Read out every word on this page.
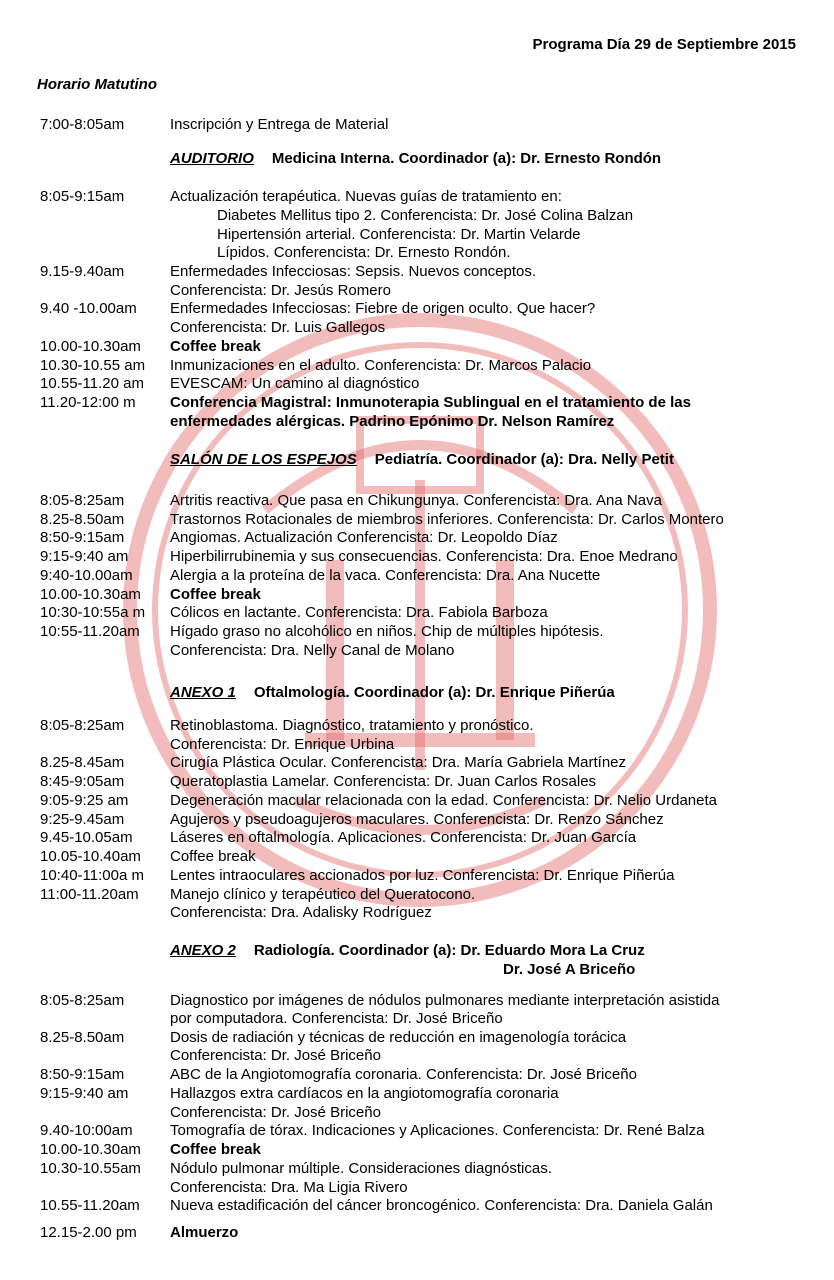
Programa Día 29 de Septiembre 2015
Horario Matutino
7:00-8:05am	Inscripción y Entrega de Material
AUDITORIO Medicina Interna. Coordinador (a): Dr. Ernesto Rondón
8:05-9:15am	Actualización terapéutica. Nuevas guías de tratamiento en:
Diabetes Mellitus tipo 2. Conferencista: Dr. José Colina Balzan
Hipertensión arterial. Conferencista: Dr. Martin Velarde
Lípidos. Conferencista: Dr. Ernesto Rondón.
9.15-9.40am	Enfermedades Infecciosas: Sepsis. Nuevos conceptos.
Conferencista: Dr. Jesús Romero
9.40 -10.00am Enfermedades Infecciosas: Fiebre de origen oculto. Que hacer?
Conferencista: Dr. Luis Gallegos
10.00-10.30am Coffee break
10.30-10.55 am Inmunizaciones en el adulto. Conferencista: Dr. Marcos Palacio
10.55-11.20 am EVESCAM: Un camino al diagnóstico
11.20-12:00 m Conferencia Magistral: Inmunoterapia Sublingual en el tratamiento de las
enfermedades alérgicas. Padrino Epónimo Dr. Nelson Ramírez
SALÓN DE LOS ESPEJOS Pediatría. Coordinador (a): Dra. Nelly Petit
8:05-8:25am	Artritis reactiva. Que pasa en Chikungunya. Conferencista: Dra. Ana Nava
8.25-8.50am	Trastornos Rotacionales de miembros inferiores. Conferencista: Dr. Carlos Montero
8:50-9:15am	Angiomas. Actualización Conferencista: Dr. Leopoldo Díaz
9:15-9:40 am	Hiperbilirrubinemia y sus consecuencias. Conferencista: Dra. Enoe Medrano
9:40-10.00am Alergia a la proteína de la vaca. Conferencista: Dra. Ana Nucette
10.00-10.30am Coffee break
10:30-10:55a m Cólicos en lactante. Conferencista: Dra. Fabiola Barboza
10:55-11.20am Hígado graso no alcohólico en niños. Chip de múltiples hipótesis.
Conferencista: Dra. Nelly Canal de Molano
ANEXO 1 Oftalmología. Coordinador (a): Dr. Enrique Piñerúa
8:05-8:25am	Retinoblastoma. Diagnóstico, tratamiento y pronóstico.
Conferencista: Dr. Enrique Urbina
8.25-8.45am	Cirugía Plástica Ocular. Conferencista: Dra. María Gabriela Martínez
8:45-9:05am	Queratoplastia Lamelar. Conferencista: Dr. Juan Carlos Rosales
9:05-9:25 am	Degeneración macular relacionada con la edad. Conferencista: Dr. Nelio Urdaneta
9:25-9.45am	Agujeros y pseudoagujeros maculares. Conferencista: Dr. Renzo Sánchez
9.45-10.05am Láseres en oftalmología. Aplicaciones. Conferencista: Dr. Juan García
10.05-10.40am Coffee break
10:40-11:00a m Lentes intraoculares accionados por luz. Conferencista: Dr. Enrique Piñerúa
11:00-11.20am Manejo clínico y terapéutico del Queratocono.
Conferencista: Dra. Adalisky Rodríguez
ANEXO 2 Radiología. Coordinador (a): Dr. Eduardo Mora La Cruz
Dr. José A Briceño
8:05-8:25am	Diagnostico por imágenes de nódulos pulmonares mediante interpretación asistida
por computadora. Conferencista: Dr. José Briceño
8.25-8.50am	Dosis de radiación y técnicas de reducción en imagenología torácica
Conferencista: Dr. José Briceño
8:50-9:15am	ABC de la Angiotomografía coronaria. Conferencista: Dr. José Briceño
9:15-9:40 am	Hallazgos extra cardíacos en la angiotomografía coronaria
Conferencista: Dr. José Briceño
9.40-10:00am Tomografía de tórax. Indicaciones y Aplicaciones. Conferencista: Dr. René Balza
10.00-10.30am Coffee break
10.30-10.55am Nódulo pulmonar múltiple. Consideraciones diagnósticas.
Conferencista: Dra. Ma Ligia Rivero
10.55-11.20am Nueva estadificación del cáncer broncogénico. Conferencista: Dra. Daniela Galán
12.15-2.00 pm Almuerzo
